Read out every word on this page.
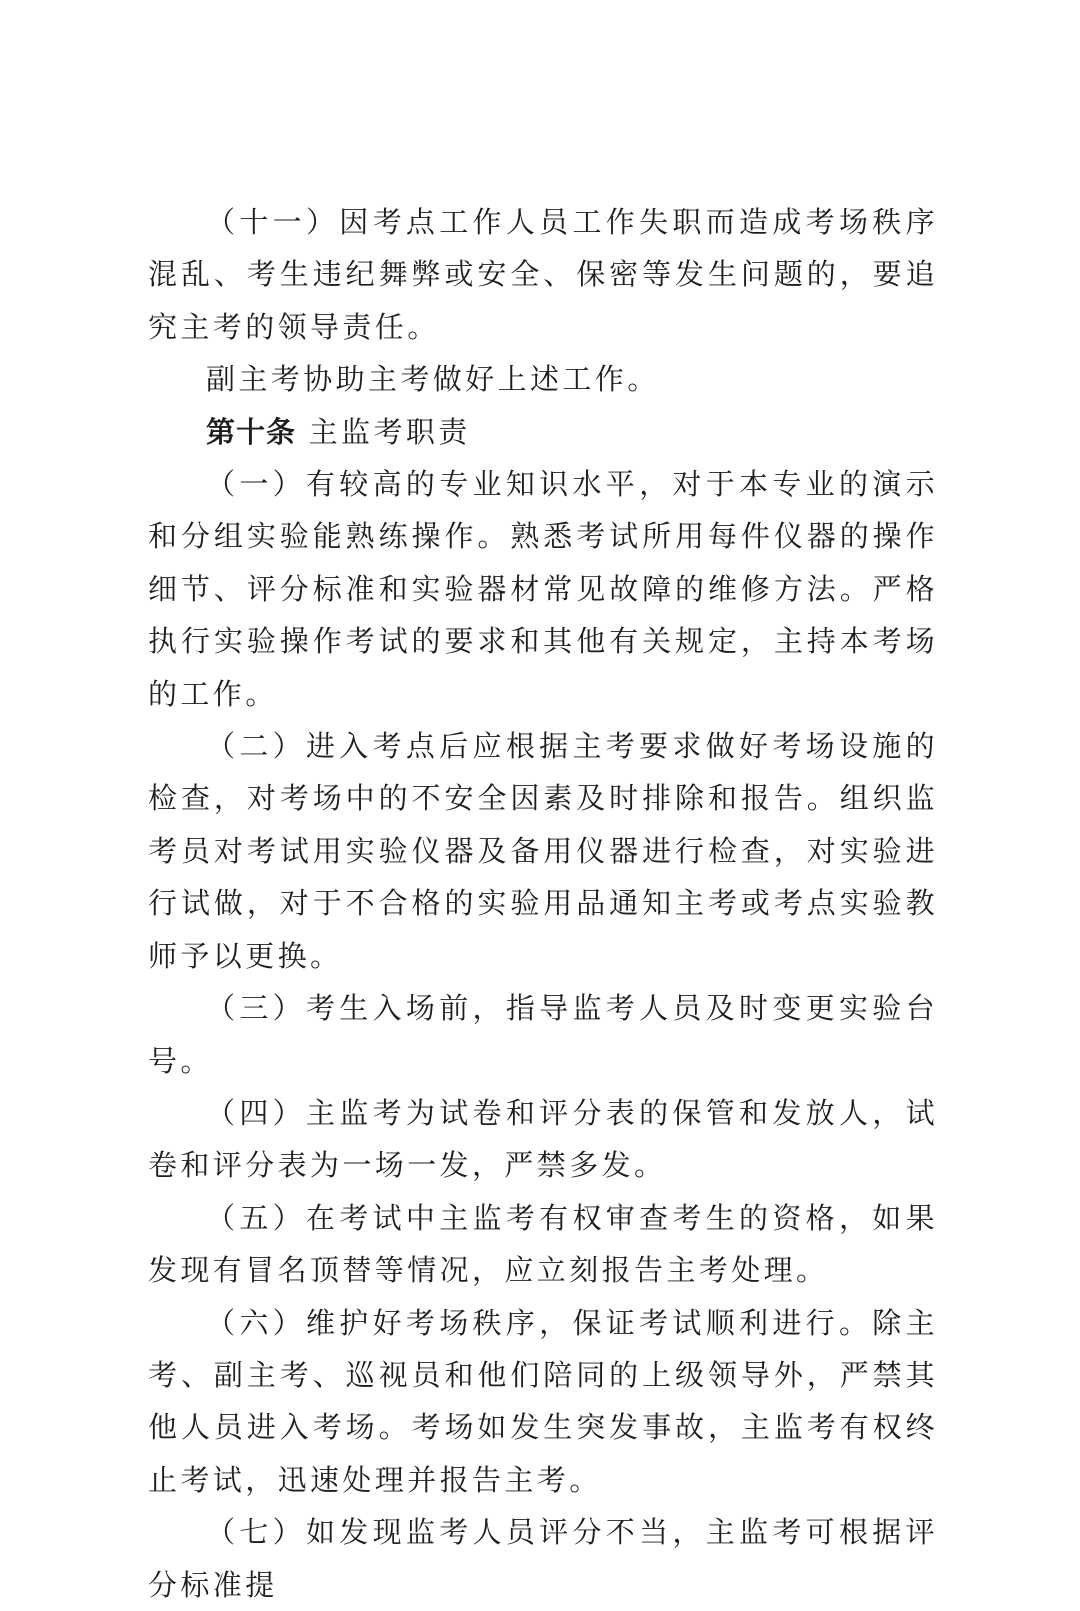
（十一）因考点工作人员工作失职而造成考场秩序混乱、考生违纪舞弊或安全、保密等发生问题的，要追究主考的领导责任。

副主考协助主考做好上述工作。

第十条 主监考职责

（一）有较高的专业知识水平，对于本专业的演示和分组实验能熟练操作。熟悉考试所用每件仪器的操作细节、评分标准和实验器材常见故障的维修方法。严格执行实验操作考试的要求和其他有关规定，主持本考场的工作。

（二）进入考点后应根据主考要求做好考场设施的检查，对考场中的不安全因素及时排除和报告。组织监考员对考试用实验仪器及备用仪器进行检查，对实验进行试做，对于不合格的实验用品通知主考或考点实验教师予以更换。

（三）考生入场前，指导监考人员及时变更实验台号。

（四）主监考为试卷和评分表的保管和发放人，试卷和评分表为一场一发，严禁多发。

（五）在考试中主监考有权审查考生的资格，如果发现有冒名顶替等情况，应立刻报告主考处理。

（六）维护好考场秩序，保证考试顺利进行。除主考、副主考、巡视员和他们陪同的上级领导外，严禁其他人员进入考场。考场如发生突发事故，主监考有权终止考试，迅速处理并报告主考。

（七）如发现监考人员评分不当，主监考可根据评分标准提
